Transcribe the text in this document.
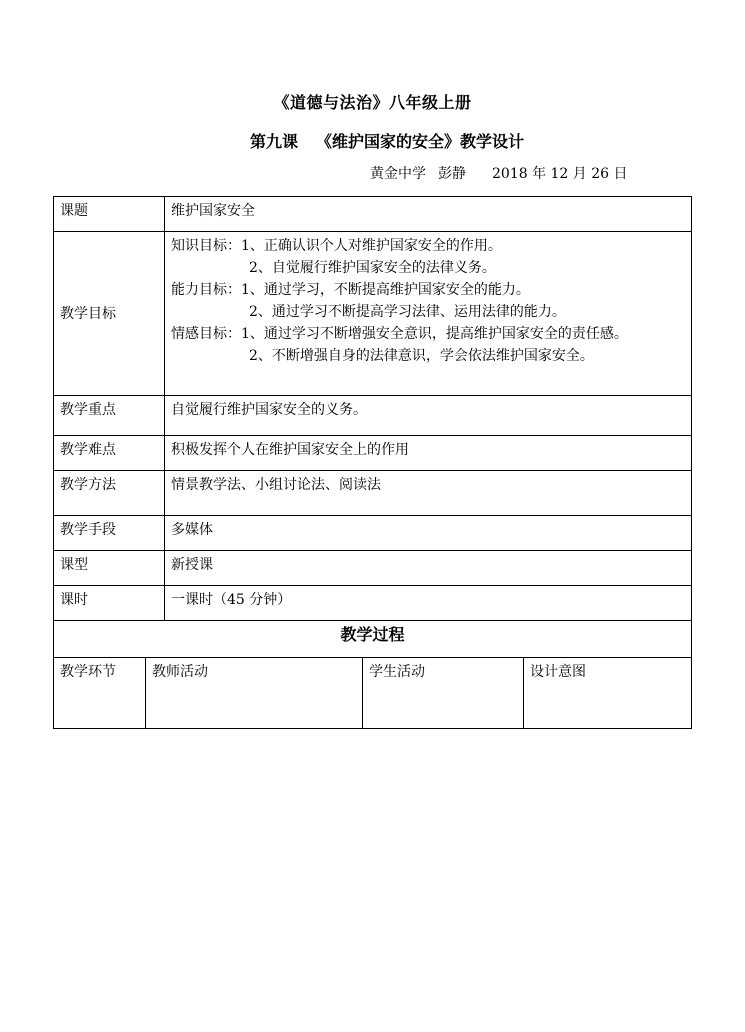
《道德与法治》八年级上册
第九课 《维护国家的安全》教学设计
黄金中学 彭静 2018 年 12 月 26 日
课题	维护国家安全
教学目标	
知识目标：1、正确认识个人对维护国家安全的作用。
2、自觉履行维护国家安全的法律义务。
能力目标：1、通过学习，不断提高维护国家安全的能力。
2、通过学习不断提高学习法律、运用法律的能力。
情感目标：1、通过学习不断增强安全意识，提高维护国家安全的责任感。
2、不断增强自身的法律意识，学会依法维护国家安全。

教学重点	自觉履行维护国家安全的义务。
教学难点	积极发挥个人在维护国家安全上的作用
教学方法	情景教学法、小组讨论法、阅读法
教学手段	多媒体
课型	新授课
课时	一课时（45 分钟）
教学过程

教学环节	教师活动	学生活动	设计意图
